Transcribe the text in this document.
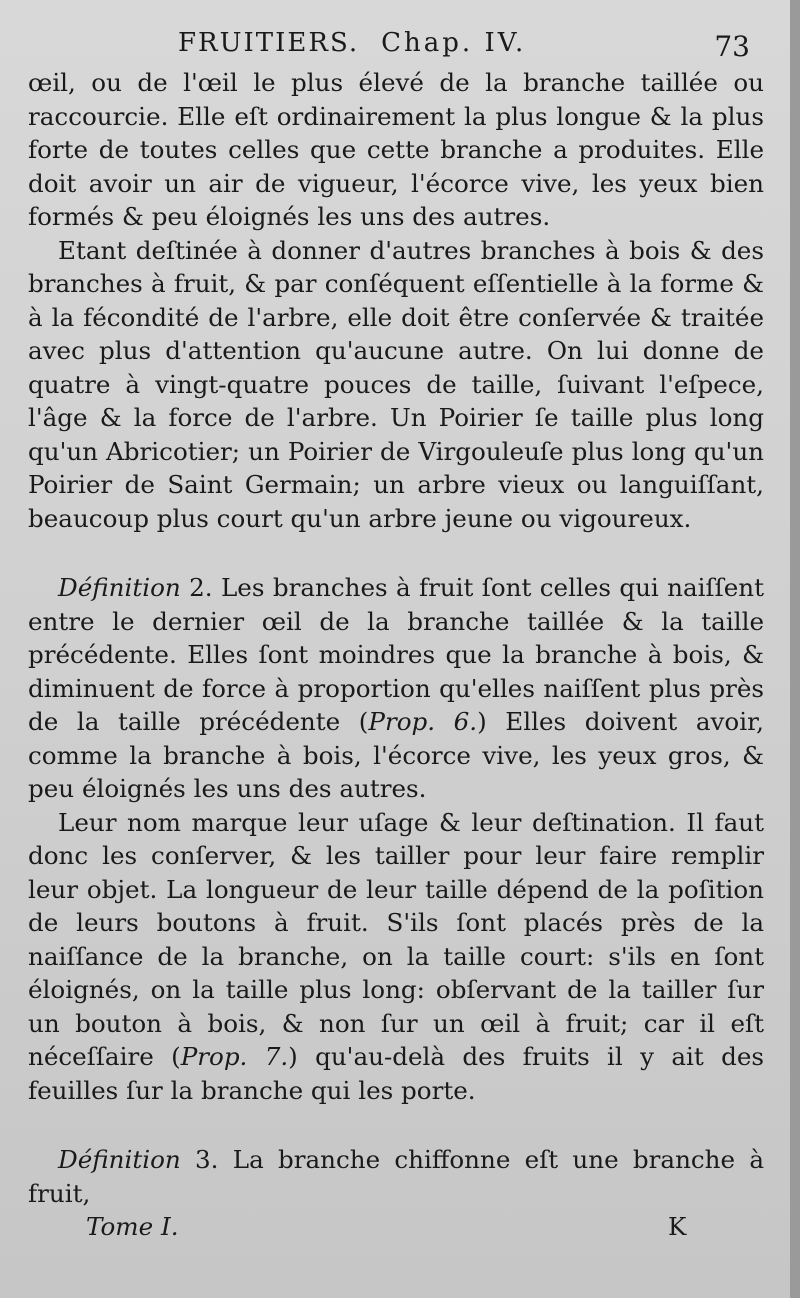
FRUITIERS. Chap. IV.	73

œil, ou de l'œil le plus élevé de la branche taillée ou raccourcie. Elle eſt ordinairement la plus longue & la plus forte de toutes celles que cette branche a produites. Elle doit avoir un air de vigueur, l'écorce vive, les yeux bien formés & peu éloignés les uns des autres.

Etant deſtinée à donner d'autres branches à bois & des branches à fruit, & par conſéquent eſſentielle à la forme & à la fécondité de l'arbre, elle doit être conſervée & traitée avec plus d'attention qu'aucune autre. On lui donne de quatre à vingt-quatre pouces de taille, ſuivant l'eſpece, l'âge & la force de l'arbre. Un Poirier ſe taille plus long qu'un Abricotier; un Poirier de Virgouleuſe plus long qu'un Poirier de Saint Germain; un arbre vieux ou languiſſant, beaucoup plus court qu'un arbre jeune ou vigoureux.

Définition 2. Les branches à fruit ſont celles qui naiſſent entre le dernier œil de la branche taillée & la taille précédente. Elles ſont moindres que la branche à bois, & diminuent de force à proportion qu'elles naiſſent plus près de la taille précédente (Prop. 6.) Elles doivent avoir, comme la branche à bois, l'écorce vive, les yeux gros, & peu éloignés les uns des autres.

Leur nom marque leur uſage & leur deſtination. Il faut donc les conſerver, & les tailler pour leur faire remplir leur objet. La longueur de leur taille dépend de la poſition de leurs boutons à fruit. S'ils ſont placés près de la naiſſance de la branche, on la taille court: s'ils en ſont éloignés, on la taille plus long: obſervant de la tailler ſur un bouton à bois, & non ſur un œil à fruit; car il eſt néceſſaire (Prop. 7.) qu'au-delà des fruits il y ait des feuilles ſur la branche qui les porte.

Définition 3. La branche chiffonne eſt une branche à fruit,

Tome I.	K
